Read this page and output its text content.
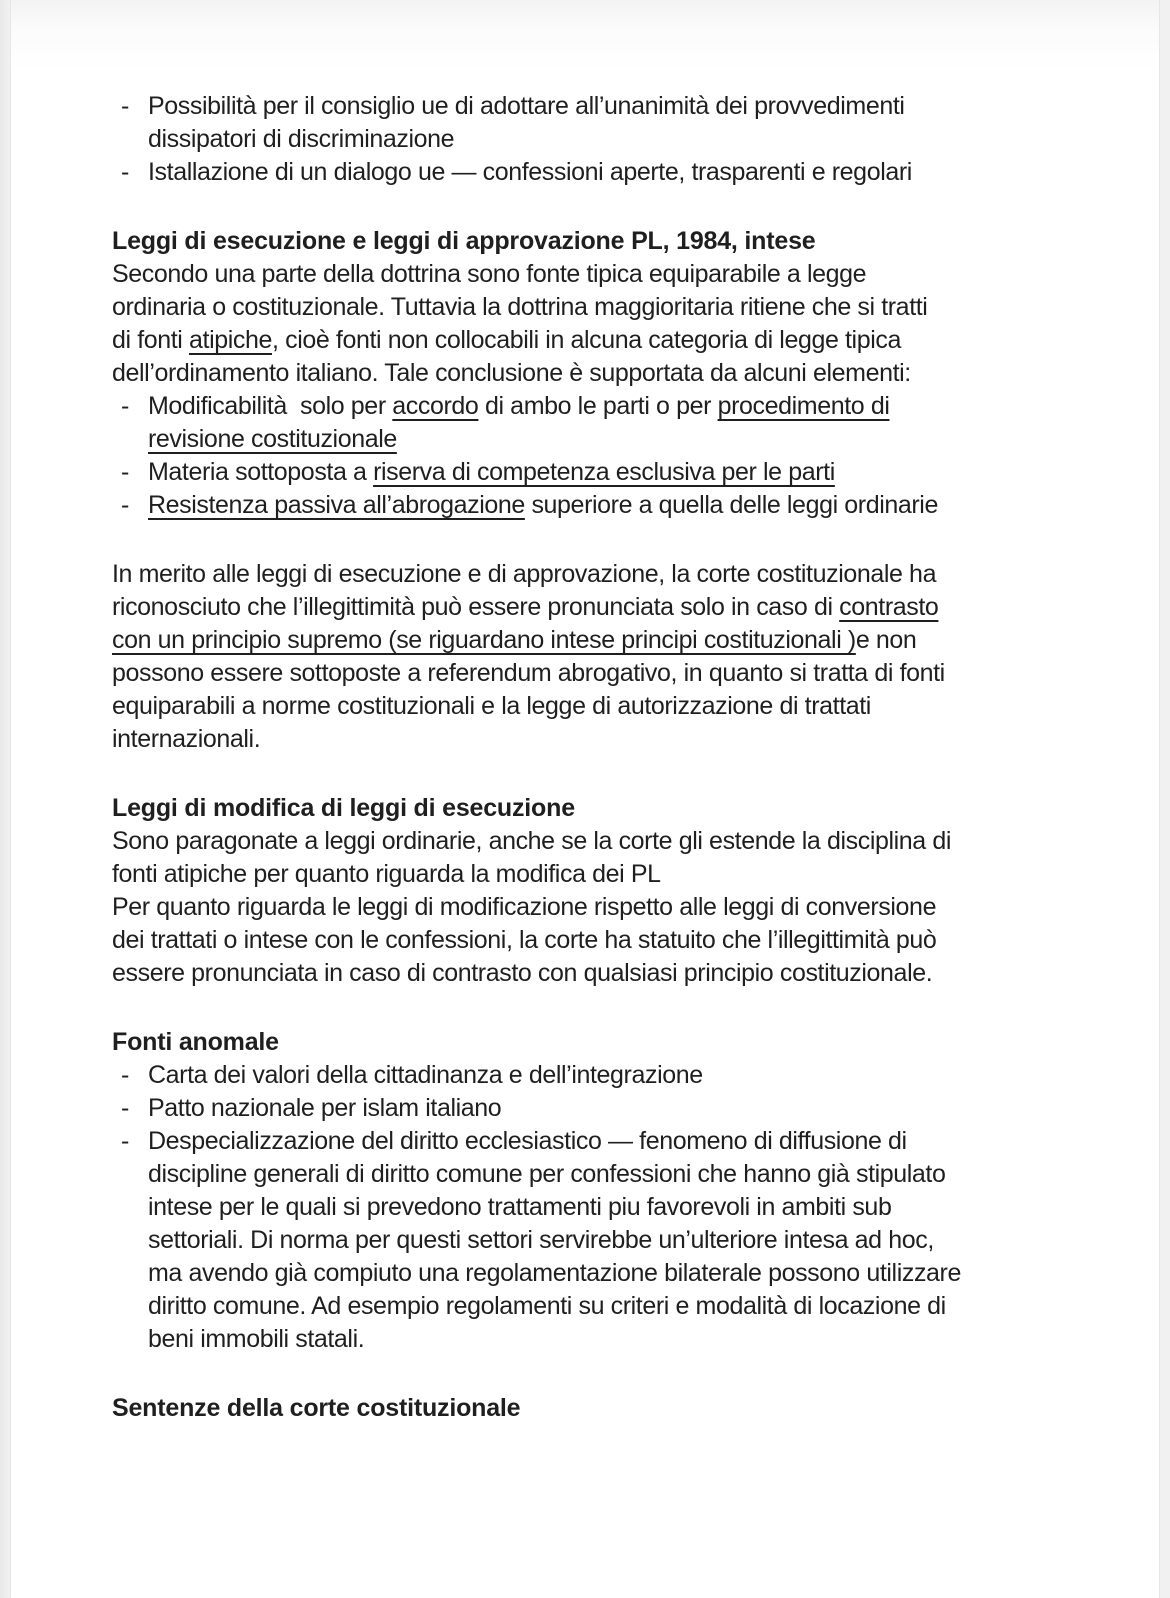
- Possibilità per il consiglio ue di adottare all’unanimità dei provvedimenti
dissipatori di discriminazione
- Istallazione di un dialogo ue — confessioni aperte, trasparenti e regolari
Leggi di esecuzione e leggi di approvazione PL, 1984, intese
Secondo una parte della dottrina sono fonte tipica equiparabile a legge
ordinaria o costituzionale. Tuttavia la dottrina maggioritaria ritiene che si tratti
di fonti atipiche, cioè fonti non collocabili in alcuna categoria di legge tipica
dell’ordinamento italiano. Tale conclusione è supportata da alcuni elementi:
- Modificabilità  solo per accordo di ambo le parti o per procedimento di
revisione costituzionale
- Materia sottoposta a riserva di competenza esclusiva per le parti
- Resistenza passiva all’abrogazione superiore a quella delle leggi ordinarie
In merito alle leggi di esecuzione e di approvazione, la corte costituzionale ha
riconosciuto che l’illegittimità può essere pronunciata solo in caso di contrasto
con un principio supremo (se riguardano intese principi costituzionali )e non
possono essere sottoposte a referendum abrogativo, in quanto si tratta di fonti
equiparabili a norme costituzionali e la legge di autorizzazione di trattati
internazionali.
Leggi di modifica di leggi di esecuzione
Sono paragonate a leggi ordinarie, anche se la corte gli estende la disciplina di
fonti atipiche per quanto riguarda la modifica dei PL
Per quanto riguarda le leggi di modificazione rispetto alle leggi di conversione
dei trattati o intese con le confessioni, la corte ha statuito che l’illegittimità può
essere pronunciata in caso di contrasto con qualsiasi principio costituzionale.
Fonti anomale
- Carta dei valori della cittadinanza e dell’integrazione
- Patto nazionale per islam italiano
- Despecializzazione del diritto ecclesiastico — fenomeno di diffusione di
discipline generali di diritto comune per confessioni che hanno già stipulato
intese per le quali si prevedono trattamenti piu favorevoli in ambiti sub
settoriali. Di norma per questi settori servirebbe un’ulteriore intesa ad hoc,
ma avendo già compiuto una regolamentazione bilaterale possono utilizzare
diritto comune. Ad esempio regolamenti su criteri e modalità di locazione di
beni immobili statali.
Sentenze della corte costituzionale
